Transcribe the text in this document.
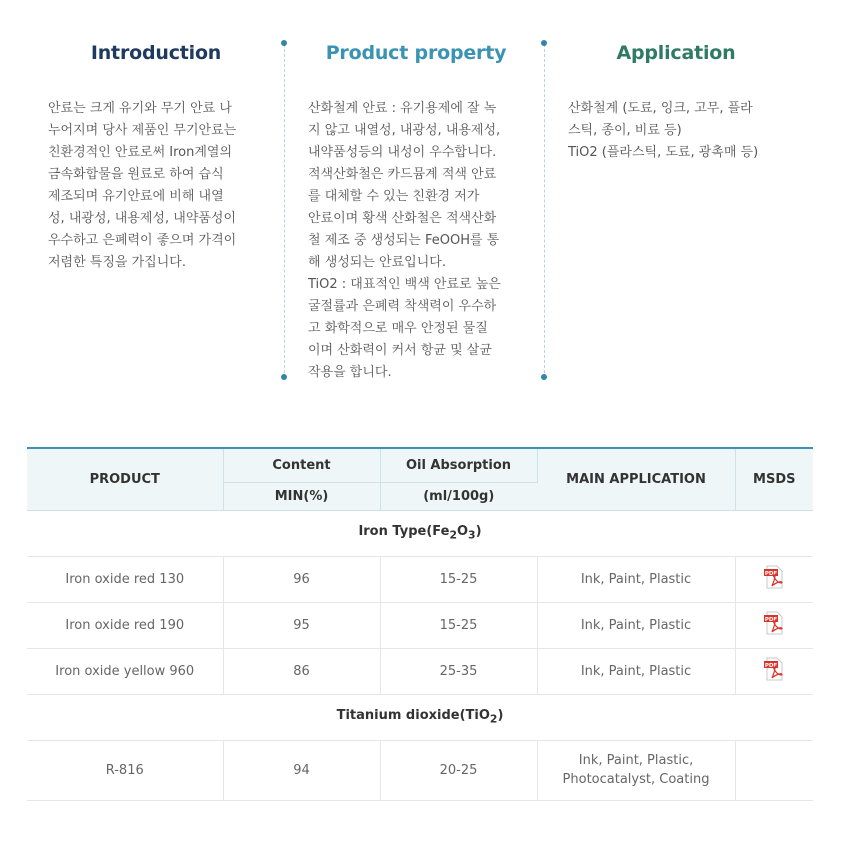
Introduction

안료는 크게 유기와 무기 안료 나
누어지며 당사 제품인 무기안료는
친환경적인 안료로써 Iron계열의
금속화합물을 원료로 하여 습식
제조되며 유기안료에 비해 내열
성, 내광성, 내용제성, 내약품성이
우수하고 은폐력이 좋으며 가격이
저렴한 특징을 가집니다.

Product property

산화철계 안료 : 유기용제에 잘 녹
지 않고 내열성, 내광성, 내용제성,
내약품성등의 내성이 우수합니다.
적색산화철은 카드뮴계 적색 안료
를 대체할 수 있는 친환경 저가
안료이며 황색 산화철은 적색산화
철 제조 중 생성되는 FeOOH를 통
해 생성되는 안료입니다.
TiO2 : 대표적인 백색 안료로 높은
굴절률과 은폐력 착색력이 우수하
고 화학적으로 매우 안정된 물질
이며 산화력이 커서 항균 및 살균
작용을 합니다.

Application

산화철계 (도료, 잉크, 고무, 플라
스틱, 종이, 비료 등)
TiO2 (플라스틱, 도료, 광촉매 등)

PRODUCT	Content	Oil Absorption	MAIN APPLICATION	MSDS
	MIN(%)	(ml/100g)		
Iron $Type(Fe_2O_3)$				
Iron oxide red 130	96	15-25	Ink, Paint, Plastic	PDF

Iron oxide red 190	95	15-25	Ink, Paint, Plastic	PDF

Iron oxide yellow 960	86	25-35	Ink, Paint, Plastic	PDF

Titanium dioxide(TiO$_2$)				
R-816	94	20-25	Ink, Paint, Plastic,
Photocatalyst, Coating	
